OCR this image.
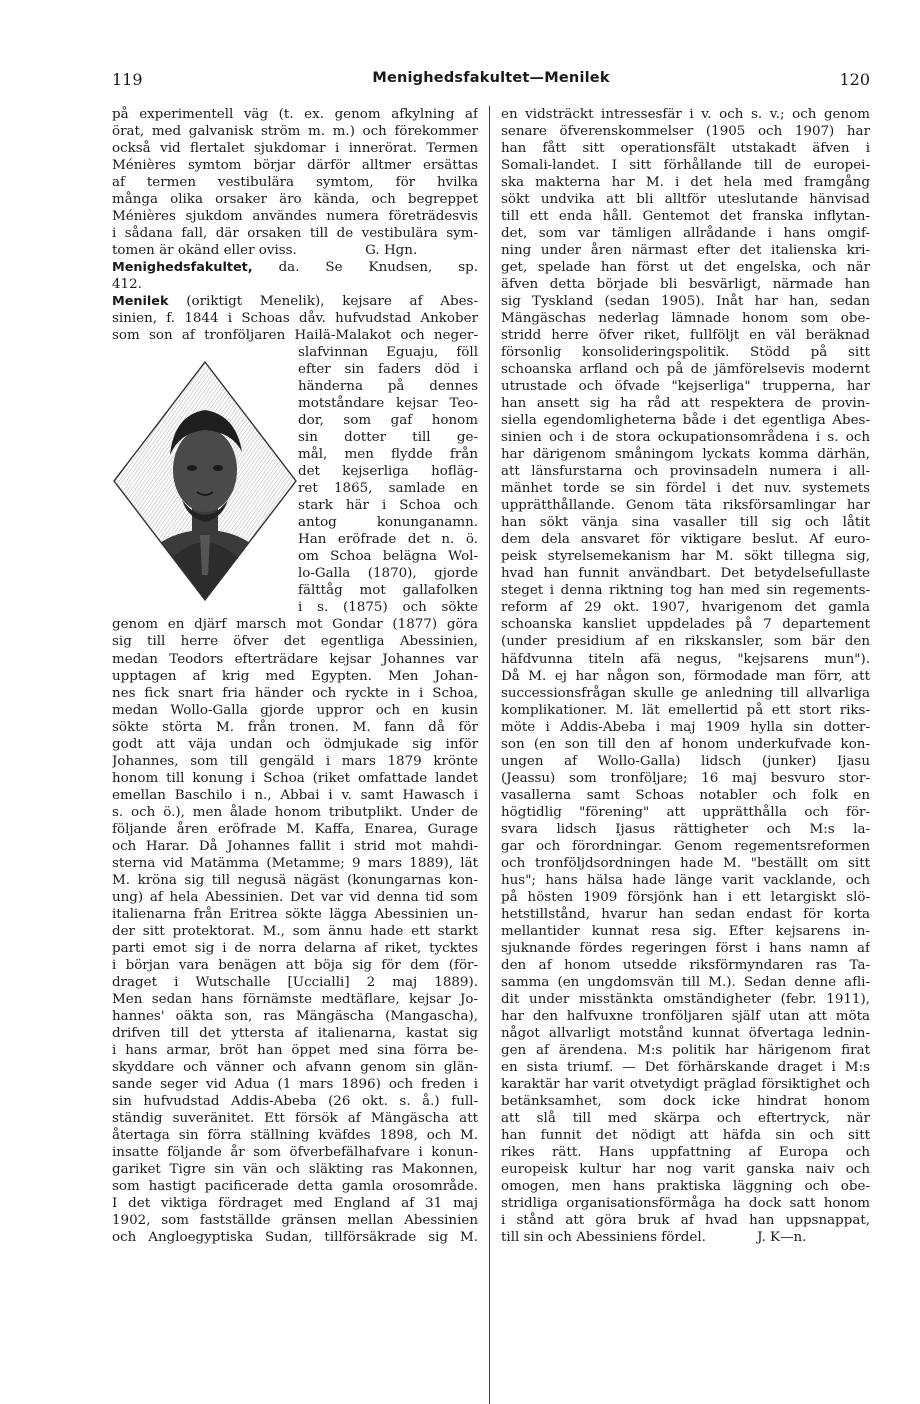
119	Menighedsfakultet—Menilek	120
på experimentell väg (t. ex. genom afkylning af
örat, med galvanisk ström m. m.) och förekommer
också vid flertalet sjukdomar i innerörat. Termen
Ménières symtom börjar därför alltmer ersättas
af termen vestibulära symtom, för hvilka
många olika orsaker äro kända, och begreppet
Ménières sjukdom användes numera företrädesvis
i sådana fall, där orsaken till de vestibulära sym-
tomen är okänd eller oviss.                G. Hgn.
Menighedsfakultet, da. Se Knudsen, sp.
412.
Menilek (oriktigt Menelik), kejsare af Abes-
sinien, f. 1844 i Schoas dåv. hufvudstad Ankober
som son af tronföljaren Hailä-Malakot och neger-
slafvinnan Eguaju, föll
efter sin faders död i
händerna på dennes
motståndare kejsar Teo-
dor, som gaf honom
sin dotter till ge-
mål, men flydde från
det kejserliga hofläg-
ret 1865, samlade en
stark här i Schoa och
antog konunganamn.
Han eröfrade det n. ö.
om Schoa belägna Wol-
lo-Galla (1870), gjorde
fälttåg mot gallafolken
i s. (1875) och sökte
genom en djärf marsch mot Gondar (1877) göra
sig till herre öfver det egentliga Abessinien,
medan Teodors efterträdare kejsar Johannes var
upptagen af krig med Egypten. Men Johan-
nes fick snart fria händer och ryckte in i Schoa,
medan Wollo-Galla gjorde uppror och en kusin
sökte störta M. från tronen. M. fann då för
godt att väja undan och ödmjukade sig inför
Johannes, som till gengäld i mars 1879 krönte
honom till konung i Schoa (riket omfattade landet
emellan Baschilo i n., Abbai i v. samt Hawasch i
s. och ö.), men ålade honom tributplikt. Under de
följande åren eröfrade M. Kaffa, Enarea, Gurage
och Harar. Då Johannes fallit i strid mot mahdi-
sterna vid Matämma (Metamme; 9 mars 1889), lät
M. kröna sig till negusä nägäst (konungarnas kon-
ung) af hela Abessinien. Det var vid denna tid som
italienarna från Eritrea sökte lägga Abessinien un-
der sitt protektorat. M., som ännu hade ett starkt
parti emot sig i de norra delarna af riket, tycktes
i början vara benägen att böja sig för dem (för-
draget i Wutschalle [Uccialli] 2 maj 1889).
Men sedan hans förnämste medtäflare, kejsar Jo-
hannes' oäkta son, ras Mängäscha (Mangascha),
drifven till det yttersta af italienarna, kastat sig
i hans armar, bröt han öppet med sina förra be-
skyddare och vänner och afvann genom sin glän-
sande seger vid Adua (1 mars 1896) och freden i
sin hufvudstad Addis-Abeba (26 okt. s. å.) full-
ständig suveränitet. Ett försök af Mängäscha att
återtaga sin förra ställning kväfdes 1898, och M.
insatte följande år som öfverbefälhafvare i konun-
gariket Tigre sin vän och släkting ras Makonnen,
som hastigt pacificerade detta gamla orosområde.
I det viktiga fördraget med England af 31 maj
1902, som fastställde gränsen mellan Abessinien
och Angloegyptiska Sudan, tillförsäkrade sig M.
en vidsträckt intressesfär i v. och s. v.; och genom
senare öfverenskommelser (1905 och 1907) har
han fått sitt operationsfält utstakadt äfven i
Somali-landet. I sitt förhållande till de europei-
ska makterna har M. i det hela med framgång
sökt undvika att bli alltför uteslutande hänvisad
till ett enda håll. Gentemot det franska inflytan-
det, som var tämligen allrådande i hans omgif-
ning under åren närmast efter det italienska kri-
get, spelade han först ut det engelska, och när
äfven detta började bli besvärligt, närmade han
sig Tyskland (sedan 1905). Inåt har han, sedan
Mängäschas nederlag lämnade honom som obe-
stridd herre öfver riket, fullföljt en väl beräknad
försonlig konsolideringspolitik. Stödd på sitt
schoanska arfland och på de jämförelsevis modernt
utrustade och öfvade "kejserliga" trupperna, har
han ansett sig ha råd att respektera de provin-
siella egendomligheterna både i det egentliga Abes-
sinien och i de stora ockupationsområdena i s. och
har därigenom småningom lyckats komma därhän,
att länsfurstarna och provinsadeln numera i all-
mänhet torde se sin fördel i det nuv. systemets
upprätthållande. Genom täta riksförsamlingar har
han sökt vänja sina vasaller till sig och låtit
dem dela ansvaret för viktigare beslut. Af euro-
peisk styrelsemekanism har M. sökt tillegna sig,
hvad han funnit användbart. Det betydelsefullaste
steget i denna riktning tog han med sin regements-
reform af 29 okt. 1907, hvarigenom det gamla
schoanska kansliet uppdelades på 7 departement
(under presidium af en rikskansler, som bär den
häfdvunna titeln afä negus, "kejsarens mun").
Då M. ej har någon son, förmodade man förr, att
successionsfrågan skulle ge anledning till allvarliga
komplikationer. M. lät emellertid på ett stort riks-
möte i Addis-Abeba i maj 1909 hylla sin dotter-
son (en son till den af honom underkufvade kon-
ungen af Wollo-Galla) lidsch (junker) Ijasu
(Jeassu) som tronföljare; 16 maj besvuro stor-
vasallerna samt Schoas notabler och folk en
högtidlig "förening" att upprätthålla och för-
svara lidsch Ijasus rättigheter och M:s la-
gar och förordningar. Genom regementsreformen
och tronföljdsordningen hade M. "beställt om sitt
hus"; hans hälsa hade länge varit vacklande, och
på hösten 1909 försjönk han i ett letargiskt slö-
hetstillstånd, hvarur han sedan endast för korta
mellantider kunnat resa sig. Efter kejsarens in-
sjuknande fördes regeringen först i hans namn af
den af honom utsedde riksförmyndaren ras Ta-
samma (en ungdomsvän till M.). Sedan denne afli-
dit under misstänkta omständigheter (febr. 1911),
har den halfvuxne tronföljaren själf utan att möta
något allvarligt motstånd kunnat öfvertaga lednin-
gen af ärendena. M:s politik har härigenom firat
en sista triumf. — Det förhärskande draget i M:s
karaktär har varit otvetydigt präglad försiktighet och
betänksamhet, som dock icke hindrat honom
att slå till med skärpa och eftertryck, när
han funnit det nödigt att häfda sin och sitt
rikes rätt. Hans uppfattning af Europa och
europeisk kultur har nog varit ganska naiv och
omogen, men hans praktiska läggning och obe-
stridliga organisationsförmåga ha dock satt honom
i stånd att göra bruk af hvad han uppsnappat,
till sin och Abessiniens fördel.            J. K—n.
